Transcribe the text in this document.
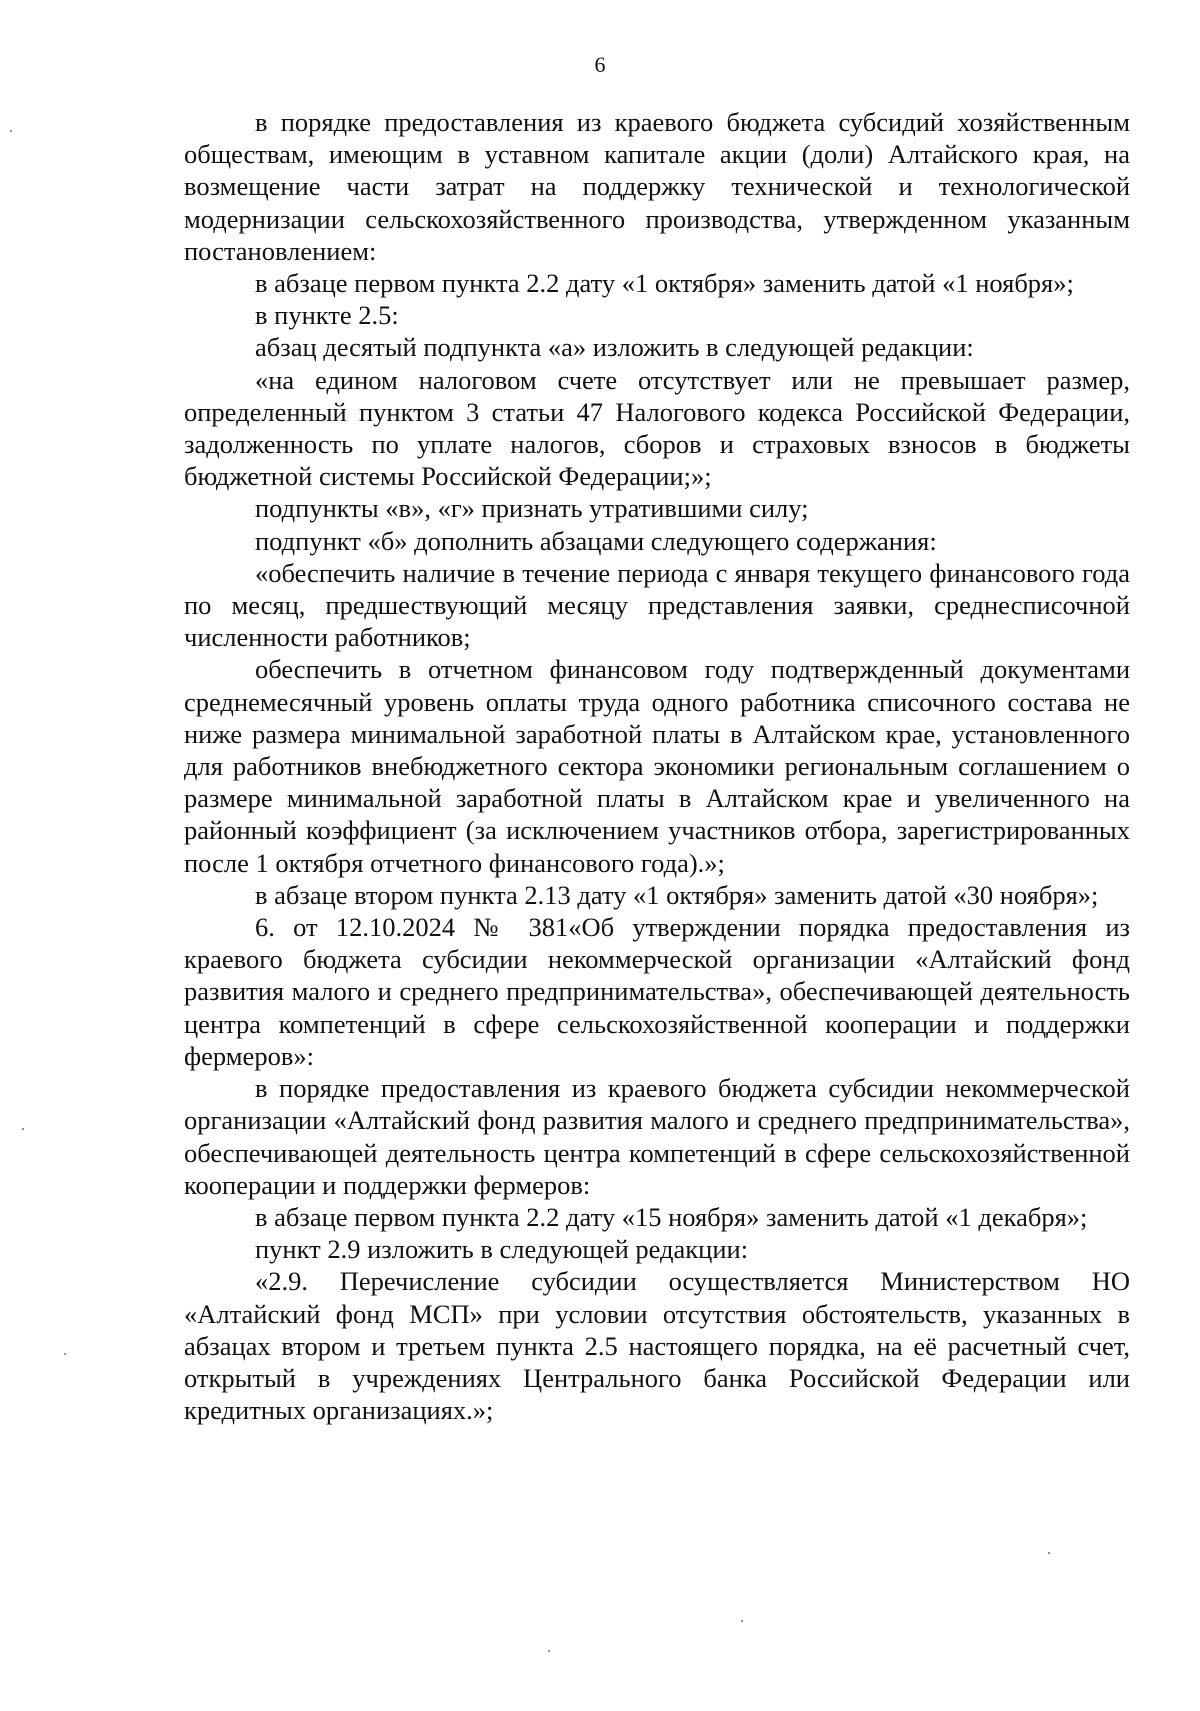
6

в порядке предоставления из краевого бюджета субсидий хозяйственным обществам, имеющим в уставном капитале акции (доли) Алтайского края, на возмещение части затрат на поддержку технической и технологической модернизации сельскохозяйственного производства, утвержденном указанным постановлением:

в абзаце первом пункта 2.2 дату «1 октября» заменить датой «1 ноября»;

в пункте 2.5:

абзац десятый подпункта «а» изложить в следующей редакции:

«на едином налоговом счете отсутствует или не превышает размер, определенный пунктом 3 статьи 47 Налогового кодекса Российской Федерации, задолженность по уплате налогов, сборов и страховых взносов в бюджеты бюджетной системы Российской Федерации;»;

подпункты «в», «г» признать утратившими силу;

подпункт «б» дополнить абзацами следующего содержания:

«обеспечить наличие в течение периода с января текущего финансового года по месяц, предшествующий месяцу представления заявки, среднесписочной численности работников;

обеспечить в отчетном финансовом году подтвержденный документами среднемесячный уровень оплаты труда одного работника списочного состава не ниже размера минимальной заработной платы в Алтайском крае, установленного для работников внебюджетного сектора экономики региональным соглашением о размере минимальной заработной платы в Алтайском крае и увеличенного на районный коэффициент (за исключением участников отбора, зарегистрированных после 1 октября отчетного финансового года).»;

в абзаце втором пункта 2.13 дату «1 октября» заменить датой «30 ноября»;

6. от 12.10.2024 № 381«Об утверждении порядка предоставления из краевого бюджета субсидии некоммерческой организации «Алтайский фонд развития малого и среднего предпринимательства», обеспечивающей деятельность центра компетенций в сфере сельскохозяйственной кооперации и поддержки фермеров»:

в порядке предоставления из краевого бюджета субсидии некоммерческой организации «Алтайский фонд развития малого и среднего предпринимательства», обеспечивающей деятельность центра компетенций в сфере сельскохозяйственной кооперации и поддержки фермеров:

в абзаце первом пункта 2.2 дату «15 ноября» заменить датой «1 декабря»;

пункт 2.9 изложить в следующей редакции:

«2.9. Перечисление субсидии осуществляется Министерством НО «Алтайский фонд МСП» при условии отсутствия обстоятельств, указанных в абзацах втором и третьем пункта 2.5 настоящего порядка, на её расчетный счет, открытый в учреждениях Центрального банка Российской Федерации или кредитных организациях.»;
